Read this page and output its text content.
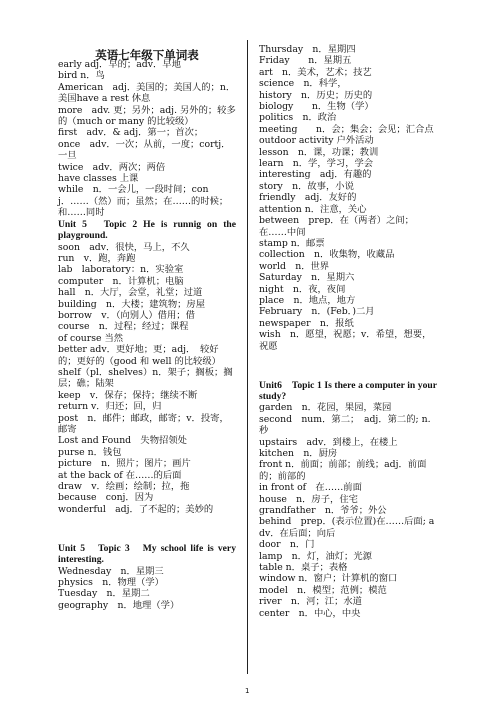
英语七年级下单词表

early adj．早的；adv．早地

bird n．鸟

American　adj．美国的；美国人的；n．美国have a rest 休息

more　adv. 更；另外；adj. 另外的；较多的（much or many 的比较级）

first　adv．& adj．第一；首次；

once　adv．一次；从前，一度；cortj．一旦

twice　adv．两次；两倍

have classes 上课

while　n．一会儿，一段时间；conj．……（然）而；虽然；在……的时候；和……同时

Unit 5　Topic 2 He is runnig on the playground.

soon　adv．很快，马上，不久

run　v．跑，奔跑

lab　laboratory：n．实验室

computer　n．计算机；电脑

hall　n．大厅，会堂，礼堂；过道

building　n．大楼；建筑物；房屋

borrow　v．（向别人）借用；借

course　n．过程；经过；课程

of course 当然

better adv．更好地；更；adj．　较好的；更好的（good 和 well 的比较级）

shelf（pl．shelves）n．架子；搁板；搁层；礁；陆架

keep　v．保存；保持；继续不断

return v．归还；回，归

post　n．邮件；邮政，邮寄；v．投寄，邮寄

Lost and Found　失物招领处

purse n．钱包

picture　n．照片；图片；画片

at the back of 在……的后面

draw　v．绘画；绘制；拉，拖

because　conj．因为

wonderful　adj．了不起的；美妙的

Unit 5　Topic 3　My school life is very interesting.

Wednesday　n．星期三

physics　n．物理（学）

Tuesday　n．星期二

geography　n．地理（学）

Thursday　n．星期四

Friday　　n．星期五

art　n．美术，艺术；技艺

science　n．科学，

history　n．历史；历史的

biology　　n．生物（学）

politics　n．政治

meeting　　n．会；集会；会见；汇合点

outdoor activity 户外活动

lesson　n．课，功课；教训

learn　n．学，学习，学会

interesting　adj．有趣的

story　n．故事，小说

friendly　adj．友好的

attention n．注意，关心

between　prep．在（两者）之间；在……中间

stamp n．邮票

collection　n．收集物，收藏品

world　n．世界

Saturday　n．星期六

night　n．夜，夜间

place　n．地点，地方

February　n．(Feb．)二月

newspaper　n．报纸

wish　n．愿望，祝愿；v．希望，想要，祝愿

Unit6　Topic 1 Is there a computer in your study?

garden　n．花园，果园，菜园

second　num．第二；　adj．第二的; n. 秒

upstairs　adv．到楼上，在楼上

kitchen　n．厨房

front n．前面；前部；前线；adj．前面的；前部的

in front of　在……前面

house　n．房子，住宅

grandfather　n．爷爷；外公

behind　prep．(表示位置)在……后面; adv．在后面；向后

door　n．门

lamp　n．灯，油灯；光源

table n．桌子；表格

window n．窗户；计算机的窗口

model　n．模型；范例；模范

river　n．河；江；水道

center　n．中心，中央

1
